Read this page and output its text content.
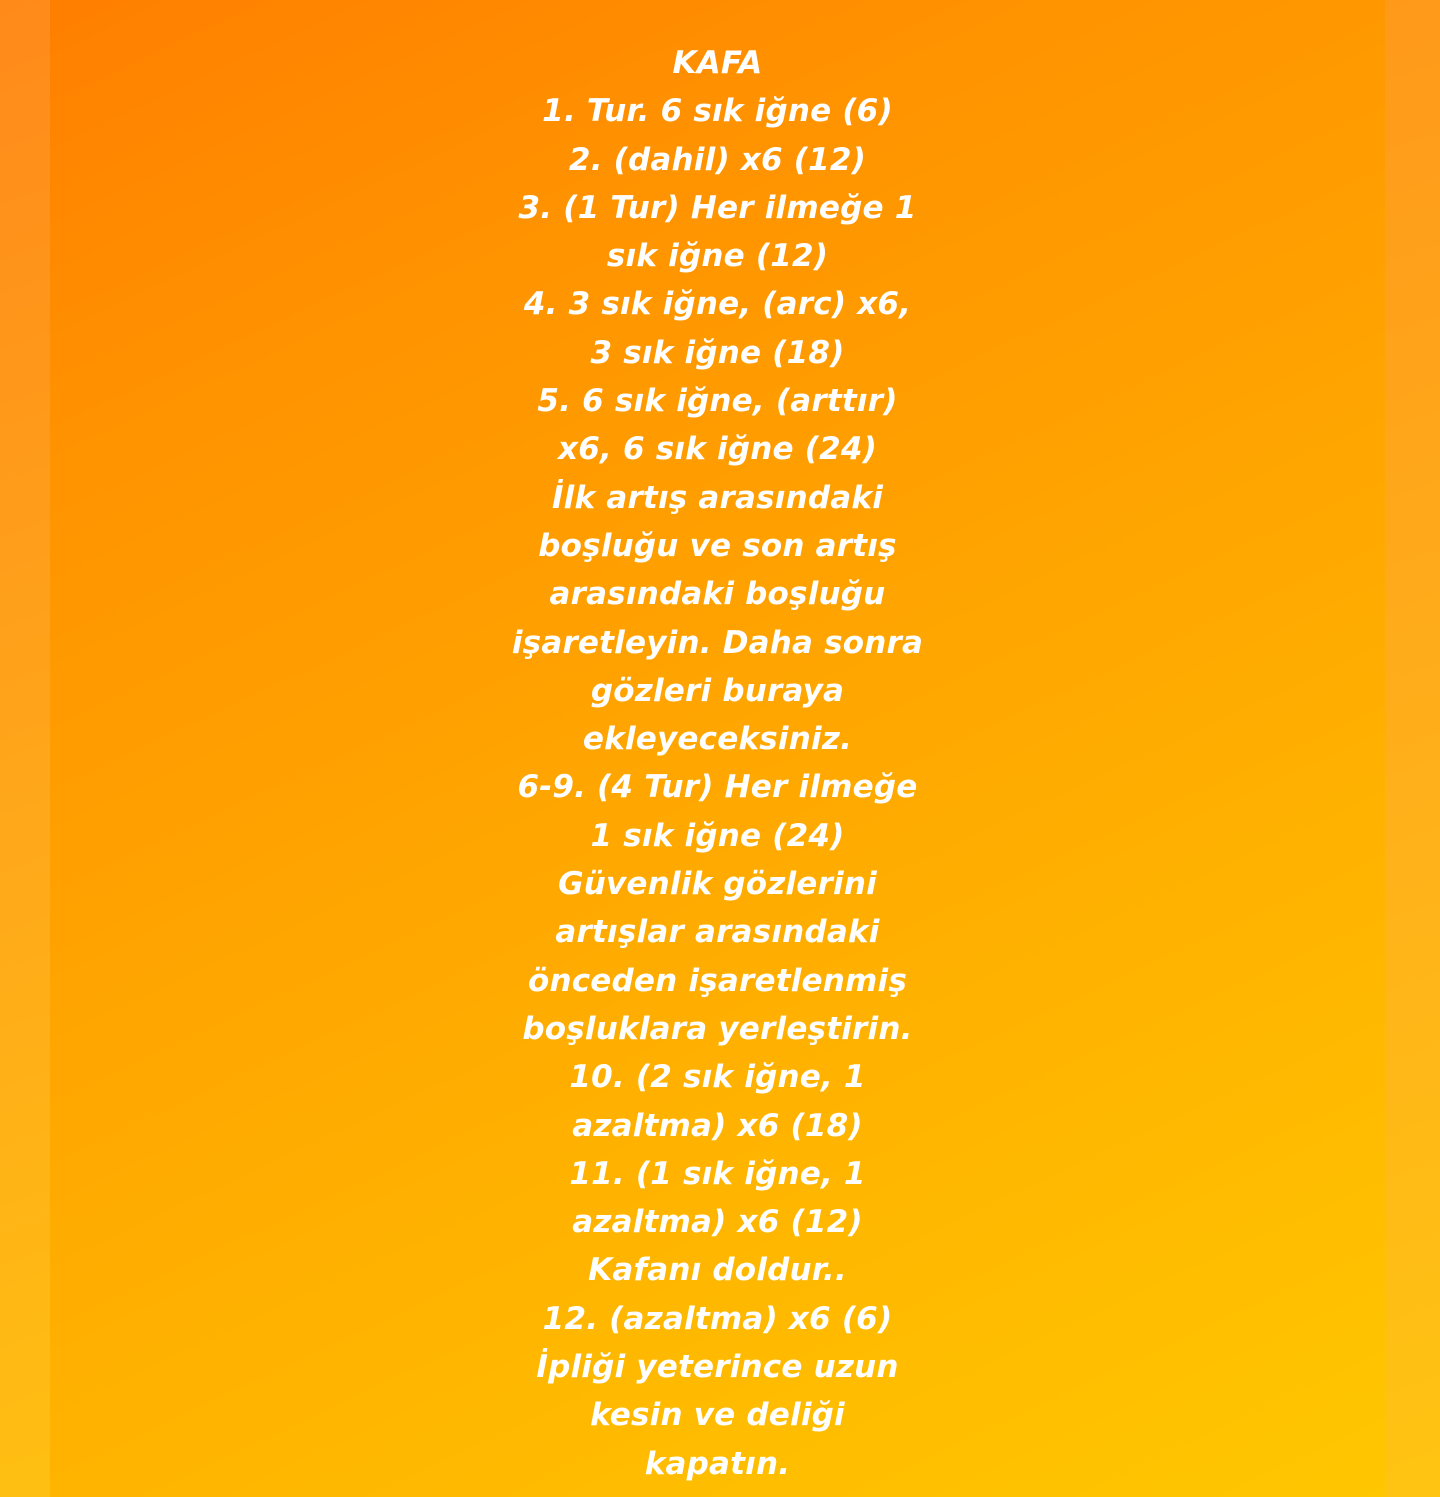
KAFA
1. Tur. 6 sık iğne (6)
2. (dahil) x6 (12)
3. (1 Tur) Her ilmeğe 1
sık iğne (12)
4. 3 sık iğne, (arc) x6,
3 sık iğne (18)
5. 6 sık iğne, (arttır)
x6, 6 sık iğne (24)
İlk artış arasındaki
boşluğu ve son artış
arasındaki boşluğu
işaretleyin. Daha sonra
gözleri buraya
ekleyeceksiniz.
6-9. (4 Tur) Her ilmeğe
1 sık iğne (24)
Güvenlik gözlerini
artışlar arasındaki
önceden işaretlenmiş
boşluklara yerleştirin.
10. (2 sık iğne, 1
azaltma) x6 (18)
11. (1 sık iğne, 1
azaltma) x6 (12)
Kafanı doldur..
12. (azaltma) x6 (6)
İpliği yeterince uzun
kesin ve deliği
kapatın.
